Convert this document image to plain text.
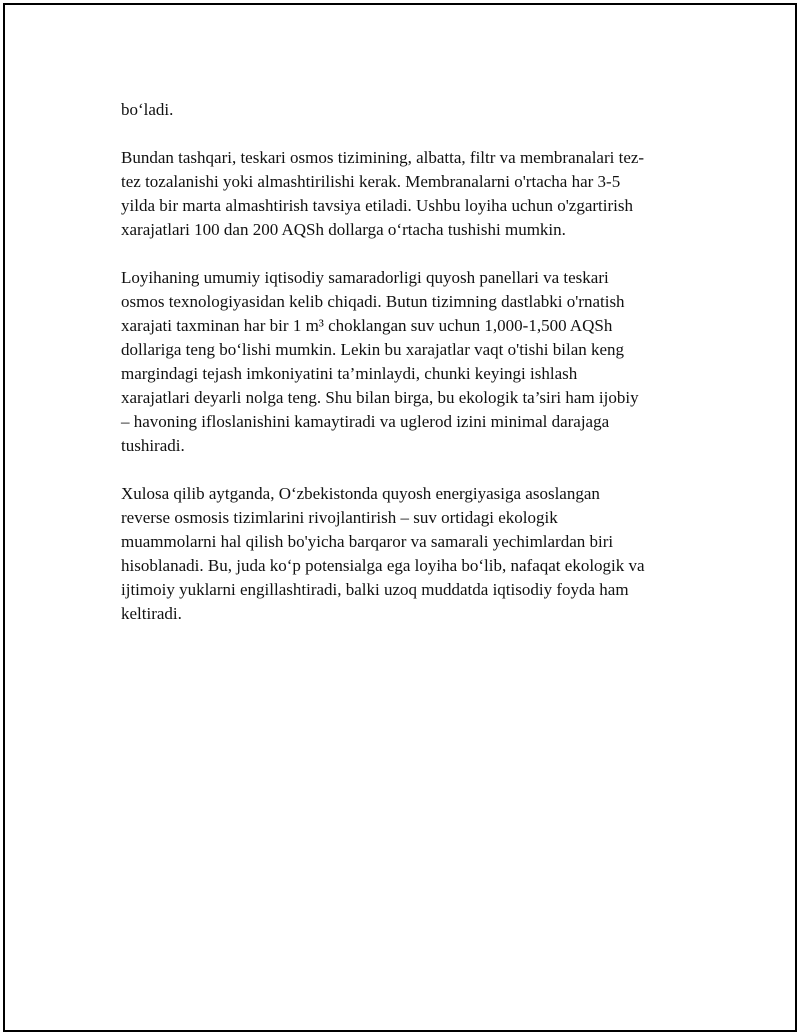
bo‘ladi.

Bundan tashqari, teskari osmos tizimining, albatta, filtr va membranalari tez-
tez tozalanishi yoki almashtirilishi kerak. Membranalarni o'rtacha har 3-5
yilda bir marta almashtirish tavsiya etiladi. Ushbu loyiha uchun o'zgartirish
xarajatlari 100 dan 200 AQSh dollarga o‘rtacha tushishi mumkin.

Loyihaning umumiy iqtisodiy samaradorligi quyosh panellari va teskari
osmos texnologiyasidan kelib chiqadi. Butun tizimning dastlabki o'rnatish
xarajati taxminan har bir 1 m³ choklangan suv uchun 1,000-1,500 AQSh
dollariga teng bo‘lishi mumkin. Lekin bu xarajatlar vaqt o'tishi bilan keng
margindagi tejash imkoniyatini ta’minlaydi, chunki keyingi ishlash
xarajatlari deyarli nolga teng. Shu bilan birga, bu ekologik ta’siri ham ijobiy
– havoning ifloslanishini kamaytiradi va uglerod izini minimal darajaga
tushiradi.

Xulosa qilib aytganda, O‘zbekistonda quyosh energiyasiga asoslangan
reverse osmosis tizimlarini rivojlantirish – suv ortidagi ekologik
muammolarni hal qilish bo'yicha barqaror va samarali yechimlardan biri
hisoblanadi. Bu, juda ko‘p potensialga ega loyiha bo‘lib, nafaqat ekologik va
ijtimoiy yuklarni engillashtiradi, balki uzoq muddatda iqtisodiy foyda ham
keltiradi.
